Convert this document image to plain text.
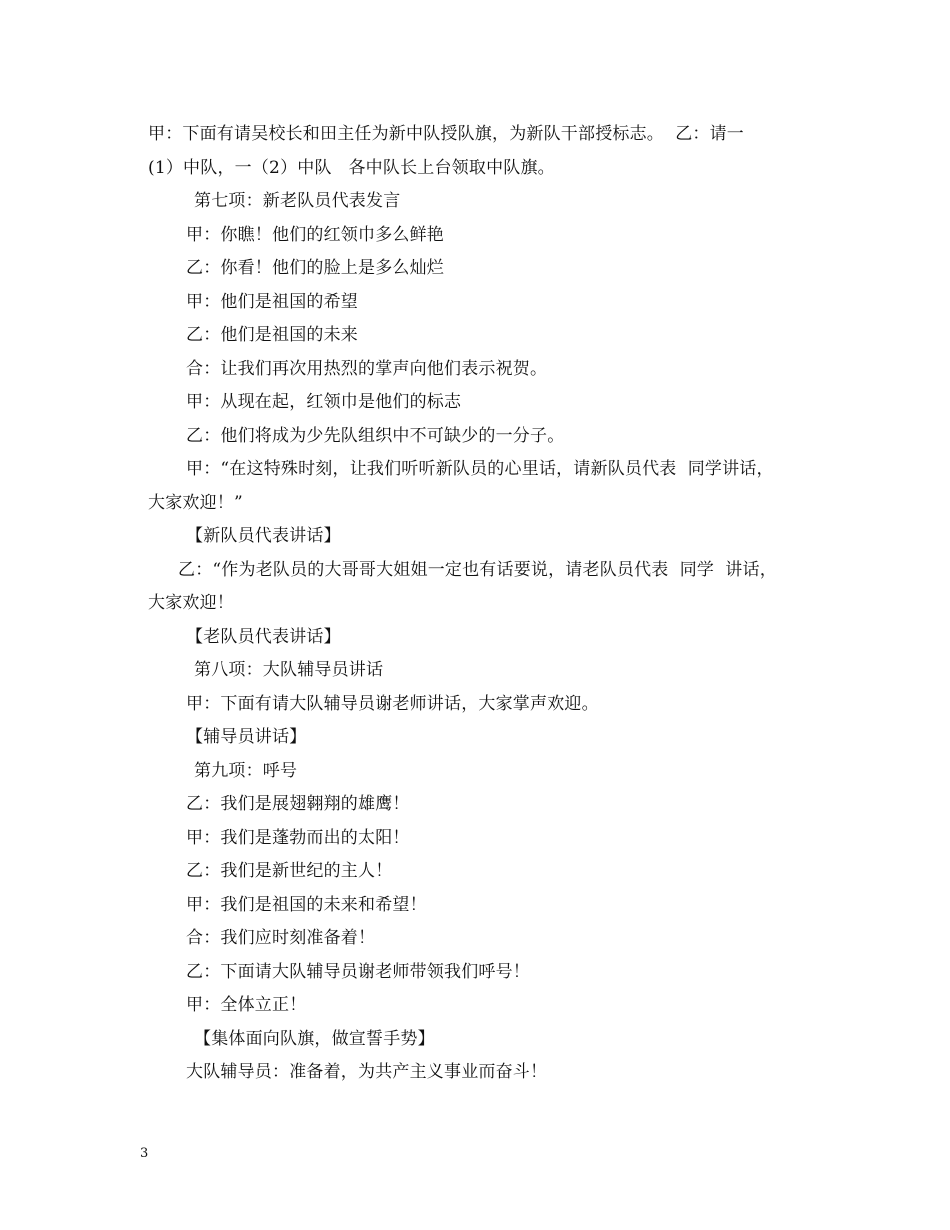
甲：下面有请吴校长和田主任为新中队授队旗，为新队干部授标志。  乙：请一
(1）中队，一（2）中队   各中队长上台领取中队旗。
第七项：新老队员代表发言
甲：你瞧！他们的红领巾多么鲜艳
乙：你看！他们的脸上是多么灿烂
甲：他们是祖国的希望
乙：他们是祖国的未来
合：让我们再次用热烈的掌声向他们表示祝贺。
甲：从现在起，红领巾是他们的标志
乙：他们将成为少先队组织中不可缺少的一分子。
甲：“在这特殊时刻，让我们听听新队员的心里话，请新队员代表  同学讲话，
大家欢迎！”
【新队员代表讲话】
乙：“作为老队员的大哥哥大姐姐一定也有话要说，请老队员代表  同学  讲话，
大家欢迎！
【老队员代表讲话】
第八项：大队辅导员讲话
甲：下面有请大队辅导员谢老师讲话，大家掌声欢迎。
【辅导员讲话】
第九项：呼号
乙：我们是展翅翱翔的雄鹰！
甲：我们是蓬勃而出的太阳！
乙：我们是新世纪的主人！
甲：我们是祖国的未来和希望！
合：我们应时刻准备着！
乙：下面请大队辅导员谢老师带领我们呼号！
甲：全体立正！
【集体面向队旗，做宣誓手势】
大队辅导员：准备着，为共产主义事业而奋斗！
3
